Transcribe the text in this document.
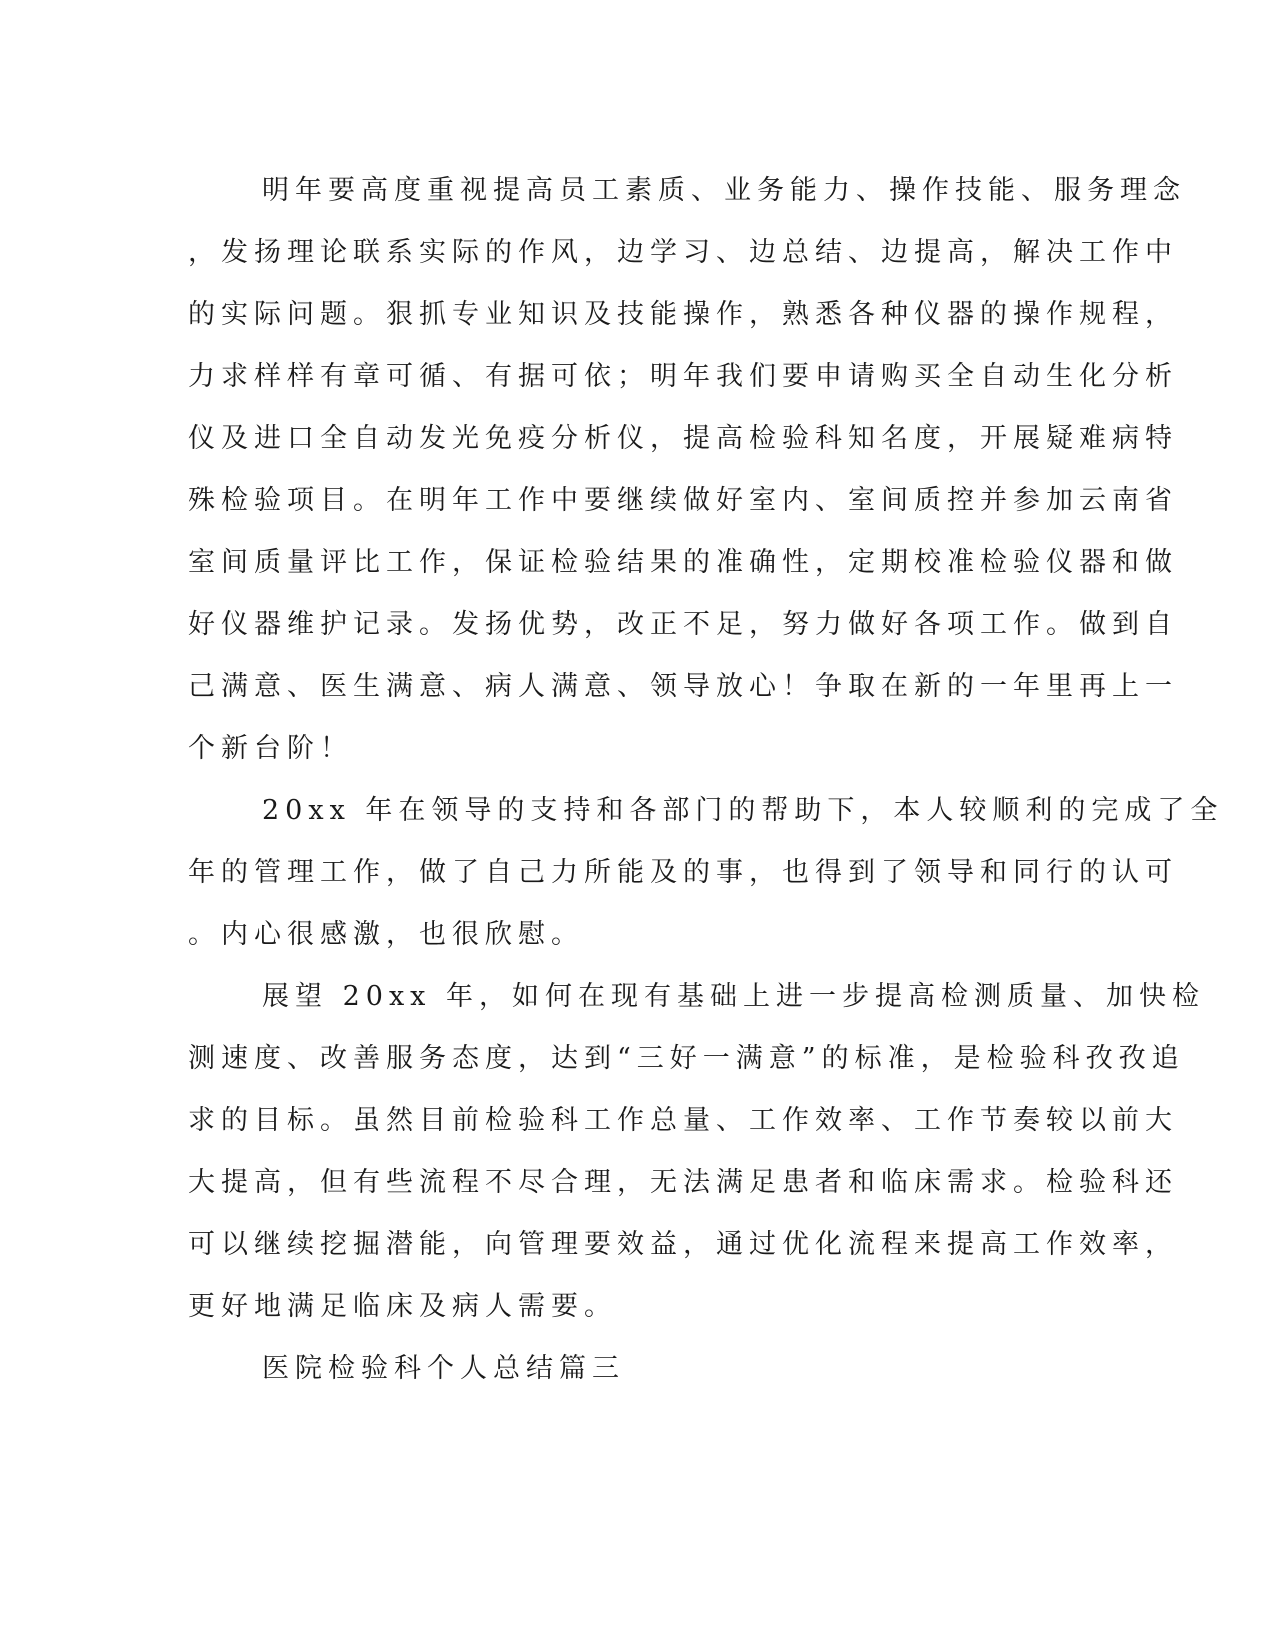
明年要高度重视提高员工素质、业务能力、操作技能、服务理念
，发扬理论联系实际的作风，边学习、边总结、边提高，解决工作中
的实际问题。狠抓专业知识及技能操作，熟悉各种仪器的操作规程，
力求样样有章可循、有据可依；明年我们要申请购买全自动生化分析
仪及进口全自动发光免疫分析仪，提高检验科知名度，开展疑难病特
殊检验项目。在明年工作中要继续做好室内、室间质控并参加云南省
室间质量评比工作，保证检验结果的准确性，定期校准检验仪器和做
好仪器维护记录。发扬优势，改正不足，努力做好各项工作。做到自
己满意、医生满意、病人满意、领导放心！争取在新的一年里再上一
个新台阶！
20xx 年在领导的支持和各部门的帮助下，本人较顺利的完成了全
年的管理工作，做了自己力所能及的事，也得到了领导和同行的认可
。内心很感激，也很欣慰。
展望 20xx 年，如何在现有基础上进一步提高检测质量、加快检
测速度、改善服务态度，达到“三好一满意”的标准，是检验科孜孜追
求的目标。虽然目前检验科工作总量、工作效率、工作节奏较以前大
大提高，但有些流程不尽合理，无法满足患者和临床需求。检验科还
可以继续挖掘潜能，向管理要效益，通过优化流程来提高工作效率，
更好地满足临床及病人需要。
医院检验科个人总结篇三
